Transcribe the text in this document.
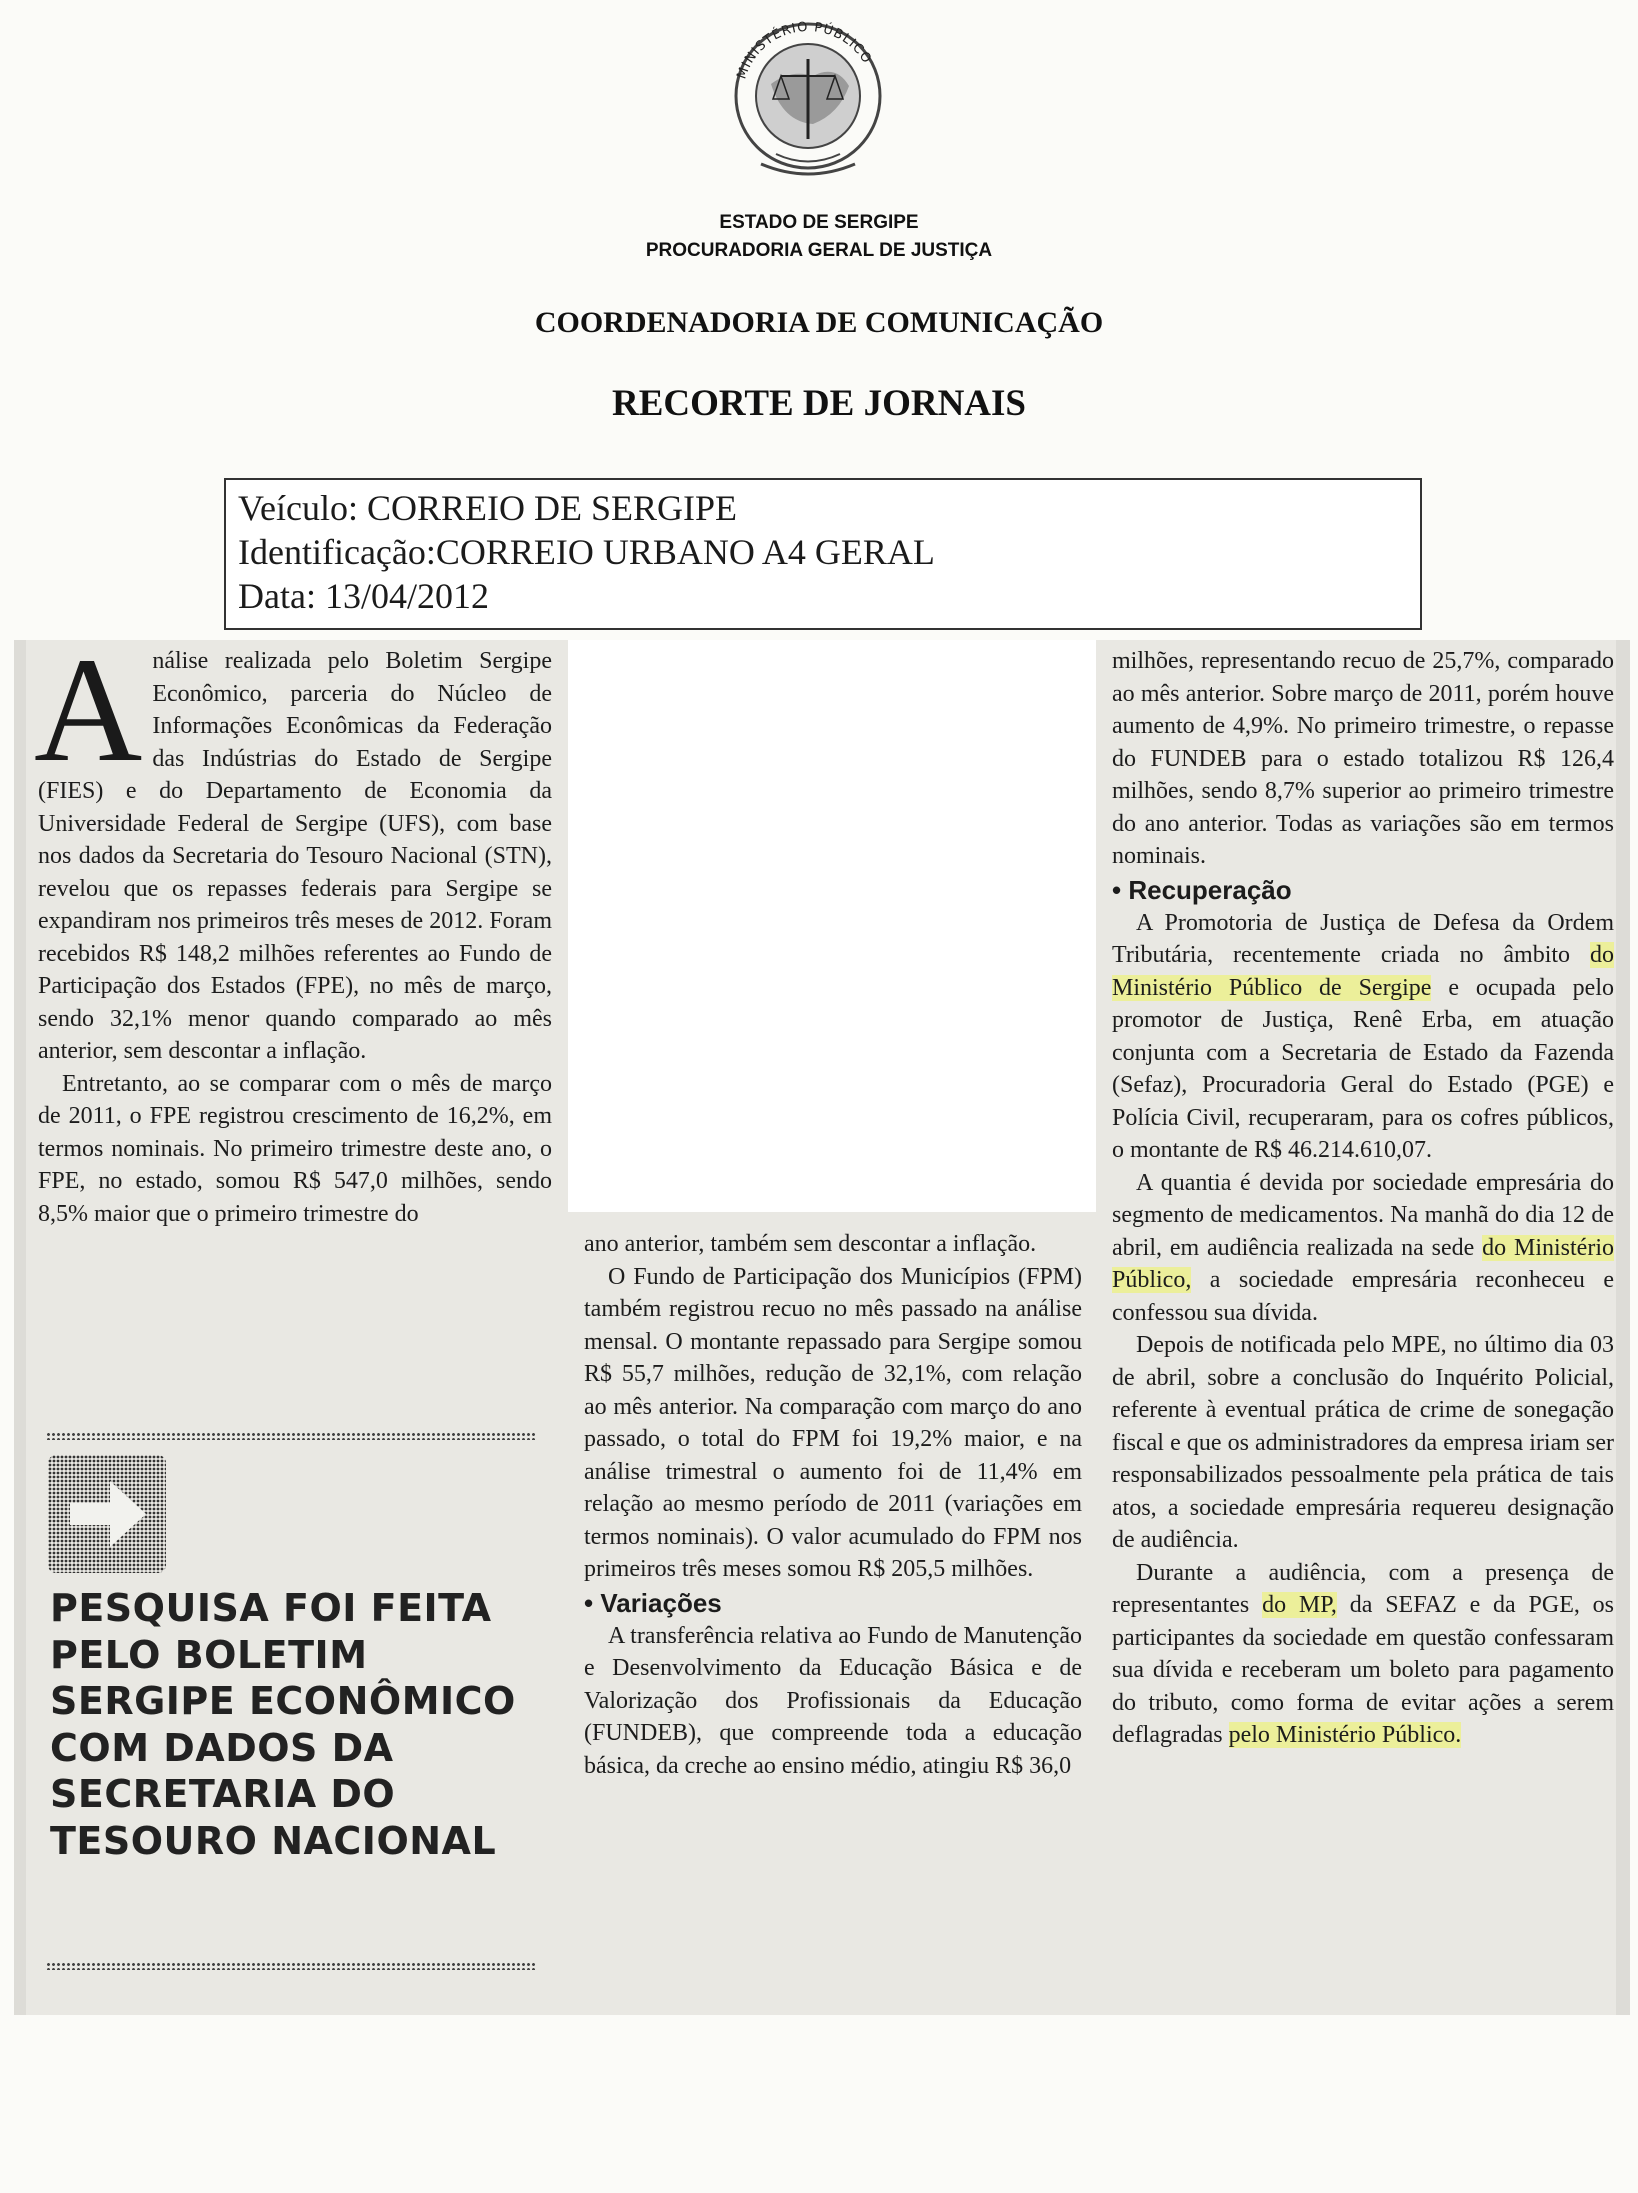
MINISTÉRIO PÚBLICO
ESTADO DE SERGIPE
PROCURADORIA GERAL DE JUSTIÇA
COORDENADORIA DE COMUNICAÇÃO
RECORTE DE JORNAIS
Veículo: CORREIO DE SERGIPE
Identificação:CORREIO URBANO A4 GERAL
Data: 13/04/2012

Análise realizada pelo Boletim Sergipe Econômico, parceria do Núcleo de Informações Econômicas da Federação das Indústrias do Estado de Sergipe (FIES) e do Departamento de Economia da Universidade Federal de Sergipe (UFS), com base nos dados da Secretaria do Tesouro Nacional (STN), revelou que os repasses federais para Sergipe se expandiram nos primeiros três meses de 2012. Foram recebidos R$ 148,2 milhões referentes ao Fundo de Participação dos Estados (FPE), no mês de março, sendo 32,1% menor quando comparado ao mês anterior, sem descontar a inflação.

Entretanto, ao se comparar com o mês de março de 2011, o FPE registrou crescimento de 16,2%, em termos nominais. No primeiro trimestre deste ano, o FPE, no estado, somou R$ 547,0 milhões, sendo 8,5% maior que o primeiro trimestre do

PESQUISA FOI FEITA PELO BOLETIM SERGIPE ECONÔMICO COM DADOS DA SECRETARIA DO TESOURO NACIONAL

ano anterior, também sem descontar a inflação.

O Fundo de Participação dos Municípios (FPM) também registrou recuo no mês passado na análise mensal. O montante repassado para Sergipe somou R$ 55,7 milhões, redução de 32,1%, com relação ao mês anterior. Na comparação com março do ano passado, o total do FPM foi 19,2% maior, e na análise trimestral o aumento foi de 11,4% em relação ao mesmo período de 2011 (variações em termos nominais). O valor acumulado do FPM nos primeiros três meses somou R$ 205,5 milhões.

• Variações

A transferência relativa ao Fundo de Manutenção e Desenvolvimento da Educação Básica e de Valorização dos Profissionais da Educação (FUNDEB), que compreende toda a educação básica, da creche ao ensino médio, atingiu R$ 36,0

milhões, representando recuo de 25,7%, comparado ao mês anterior. Sobre março de 2011, porém houve aumento de 4,9%. No primeiro trimestre, o repasse do FUNDEB para o estado totalizou R$ 126,4 milhões, sendo 8,7% superior ao primeiro trimestre do ano anterior. Todas as variações são em termos nominais.

• Recuperação

A Promotoria de Justiça de Defesa da Ordem Tributária, recentemente criada no âmbito do Ministério Público de Sergipe e ocupada pelo promotor de Justiça, Renê Erba, em atuação conjunta com a Secretaria de Estado da Fazenda (Sefaz), Procuradoria Geral do Estado (PGE) e Polícia Civil, recuperaram, para os cofres públicos, o montante de R$ 46.214.610,07.

A quantia é devida por sociedade empresária do segmento de medicamentos. Na manhã do dia 12 de abril, em audiência realizada na sede do Ministério Público, a sociedade empresária reconheceu e confessou sua dívida.

Depois de notificada pelo MPE, no último dia 03 de abril, sobre a conclusão do Inquérito Policial, referente à eventual prática de crime de sonegação fiscal e que os administradores da empresa iriam ser responsabilizados pessoalmente pela prática de tais atos, a sociedade empresária requereu designação de audiência.

Durante a audiência, com a presença de representantes do MP, da SEFAZ e da PGE, os participantes da sociedade em questão confessaram sua dívida e receberam um boleto para pagamento do tributo, como forma de evitar ações a serem deflagradas pelo Ministério Público.
